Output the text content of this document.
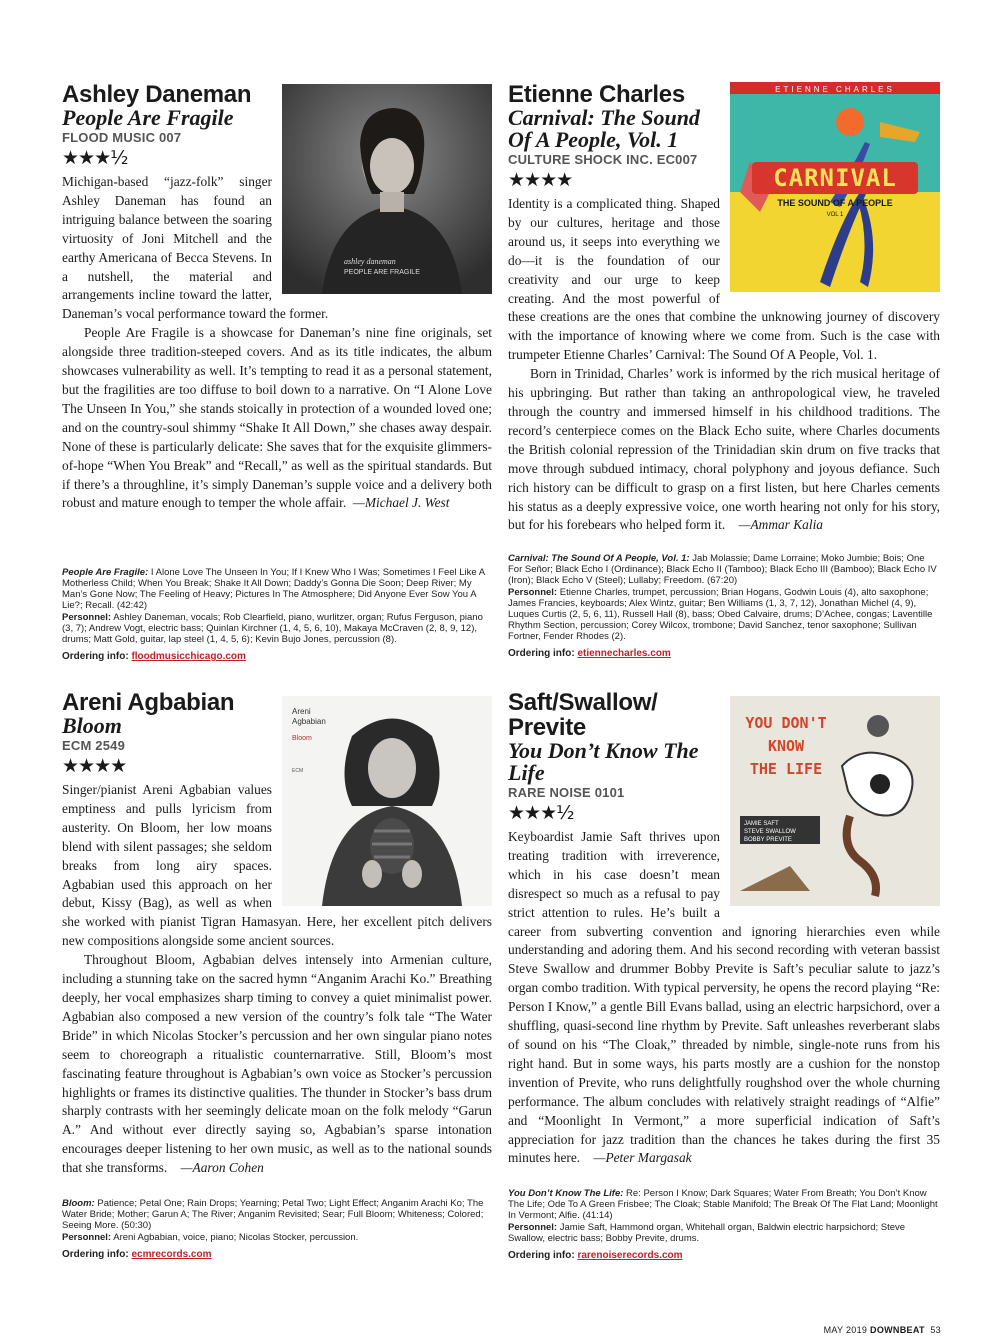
ashley daneman
PEOPLE ARE FRAGILE
Ashley Daneman
People Are Fragile
FLOOD MUSIC 007
★★★½

Michigan-based “jazz-folk” singer Ashley Daneman has found an intriguing balance between the soaring virtuosity of Joni Mitchell and the earthy Americana of Becca Stevens. In a nutshell, the material and arrangements incline toward the latter, Daneman’s vocal performance toward the former.

People Are Fragile is a showcase for Daneman’s nine fine originals, set alongside three tradition-steeped covers. And as its title indicates, the album showcases vulnerability as well. It’s tempting to read it as a personal statement, but the fragilities are too diffuse to boil down to a narrative. On “I Alone Love The Unseen In You,” she stands stoically in protection of a wounded loved one; and on the country-soul shimmy “Shake It All Down,” she chases away despair. None of these is particularly delicate: She saves that for the exquisite glimmers-of-hope “When You Break” and “Recall,” as well as the spiritual standards. But if there’s a throughline, it’s simply Daneman’s supple voice and a delivery both robust and mature enough to temper the whole affair. —Michael J. West

ETIENNE CHARLES
CARNIVAL
THE SOUND OF A PEOPLE
VOL 1
Etienne Charles
Carnival: The Sound Of A People, Vol. 1
CULTURE SHOCK INC. EC007
★★★★

Identity is a complicated thing. Shaped by our cultures, heritage and those around us, it seeps into everything we do—it is the foundation of our creativity and our urge to keep creating. And the most powerful of these creations are the ones that combine the unknowing journey of discovery with the importance of knowing where we come from. Such is the case with trumpeter Etienne Charles’ Carnival: The Sound Of A People, Vol. 1.

Born in Trinidad, Charles’ work is informed by the rich musical heritage of his upbringing. But rather than taking an anthropological view, he traveled through the country and immersed himself in his childhood traditions. The record’s centerpiece comes on the Black Echo suite, where Charles documents the British colonial repression of the Trinidadian skin drum on five tracks that move through subdued intimacy, choral polyphony and joyous defiance. Such rich history can be difficult to grasp on a first listen, but here Charles cements his status as a deeply expressive voice, one worth hearing not only for his story, but for his forebears who helped form it. —Ammar Kalia

Areni
Agbabian
Bloom
ECM
Areni Agbabian
Bloom
ECM 2549
★★★★

Singer/pianist Areni Agbabian values emptiness and pulls lyricism from austerity. On Bloom, her low moans blend with silent passages; she seldom breaks from long airy spaces. Agbabian used this approach on her debut, Kissy (Bag), as well as when she worked with pianist Tigran Hamasyan. Here, her excellent pitch delivers new compositions alongside some ancient sources.

Throughout Bloom, Agbabian delves intensely into Armenian culture, including a stunning take on the sacred hymn “Anganim Arachi Ko.” Breathing deeply, her vocal emphasizes sharp timing to convey a quiet minimalist power. Agbabian also composed a new version of the country’s folk tale “The Water Bride” in which Nicolas Stocker’s percussion and her own singular piano notes seem to choreograph a ritualistic counternarrative. Still, Bloom’s most fascinating feature throughout is Agbabian’s own voice as Stocker’s percussion highlights or frames its distinctive qualities. The thunder in Stocker’s bass drum sharply contrasts with her seemingly delicate moan on the folk melody “Garun A.” And without ever directly saying so, Agbabian’s sparse intonation encourages deeper listening to her own music, as well as to the national sounds that she transforms. —Aaron Cohen

YOU DON'T
KNOW
THE LIFE
JAMIE SAFT
STEVE SWALLOW
BOBBY PREVITE
Saft/Swallow/ Previte
You Don’t Know The Life
RARE NOISE 0101
★★★½

Keyboardist Jamie Saft thrives upon treating tradition with irreverence, which in his case doesn’t mean disrespect so much as a refusal to pay strict attention to rules. He’s built a career from subverting convention and ignoring hierarchies even while understanding and adoring them. And his second recording with veteran bassist Steve Swallow and drummer Bobby Previte is Saft’s peculiar salute to jazz’s organ combo tradition. With typical perversity, he opens the record playing “Re: Person I Know,” a gentle Bill Evans ballad, using an electric harpsichord, over a shuffling, quasi-second line rhythm by Previte. Saft unleashes reverberant slabs of sound on his “The Cloak,” threaded by nimble, single-note runs from his right hand. But in some ways, his parts mostly are a cushion for the nonstop invention of Previte, who runs delightfully roughshod over the whole churning performance. The album concludes with relatively straight readings of “Alfie” and “Moonlight In Vermont,” a more superficial indication of Saft’s appreciation for jazz tradition than the chances he takes during the first 35 minutes here. —Peter Margasak

People Are Fragile: I Alone Love The Unseen In You; If I Knew Who I Was; Sometimes I Feel Like A Motherless Child; When You Break; Shake It All Down; Daddy’s Gonna Die Soon; Deep River; My Man’s Gone Now; The Feeling of Heavy; Pictures In The Atmosphere; Did Anyone Ever Sow You A Lie?; Recall. (42:42)

Personnel: Ashley Daneman, vocals; Rob Clearfield, piano, wurlitzer, organ; Rufus Ferguson, piano (3, 7); Andrew Vogt, electric bass; Quinlan Kirchner (1, 4, 5, 6, 10), Makaya McCraven (2, 8, 9, 12), drums; Matt Gold, guitar, lap steel (1, 4, 5, 6); Kevin Bujo Jones, percussion (8).

Ordering info: floodmusicchicago.com

Carnival: The Sound Of A People, Vol. 1: Jab Molassie; Dame Lorraine; Moko Jumbie; Bois; One For Señor; Black Echo I (Ordinance); Black Echo II (Tamboo); Black Echo III (Bamboo); Black Echo IV (Iron); Black Echo V (Steel); Lullaby; Freedom. (67:20)

Personnel: Etienne Charles, trumpet, percussion; Brian Hogans, Godwin Louis (4), alto saxophone; James Francies, keyboards; Alex Wintz, guitar; Ben Williams (1, 3, 7, 12), Jonathan Michel (4, 9), Luques Curtis (2, 5, 6, 11), Russell Hall (8), bass; Obed Calvaire, drums; D’Achee, congas; Laventille Rhythm Section, percussion; Corey Wilcox, trombone; David Sanchez, tenor saxophone; Sullivan Fortner, Fender Rhodes (2).

Ordering info: etiennecharles.com

Bloom: Patience; Petal One; Rain Drops; Yearning; Petal Two; Light Effect; Anganim Arachi Ko; The Water Bride; Mother; Garun A; The River; Anganim Revisited; Sear; Full Bloom; Whiteness; Colored; Seeing More. (50:30)

Personnel: Areni Agbabian, voice, piano; Nicolas Stocker, percussion.

Ordering info: ecmrecords.com

You Don’t Know The Life: Re: Person I Know; Dark Squares; Water From Breath; You Don’t Know The Life; Ode To A Green Frisbee; The Cloak; Stable Manifold; The Break Of The Flat Land; Moonlight In Vermont; Alfie. (41:14)

Personnel: Jamie Saft, Hammond organ, Whitehall organ, Baldwin electric harpsichord; Steve Swallow, electric bass; Bobby Previte, drums.

Ordering info: rarenoiserecords.com

MAY 2019 DOWNBEAT 53
